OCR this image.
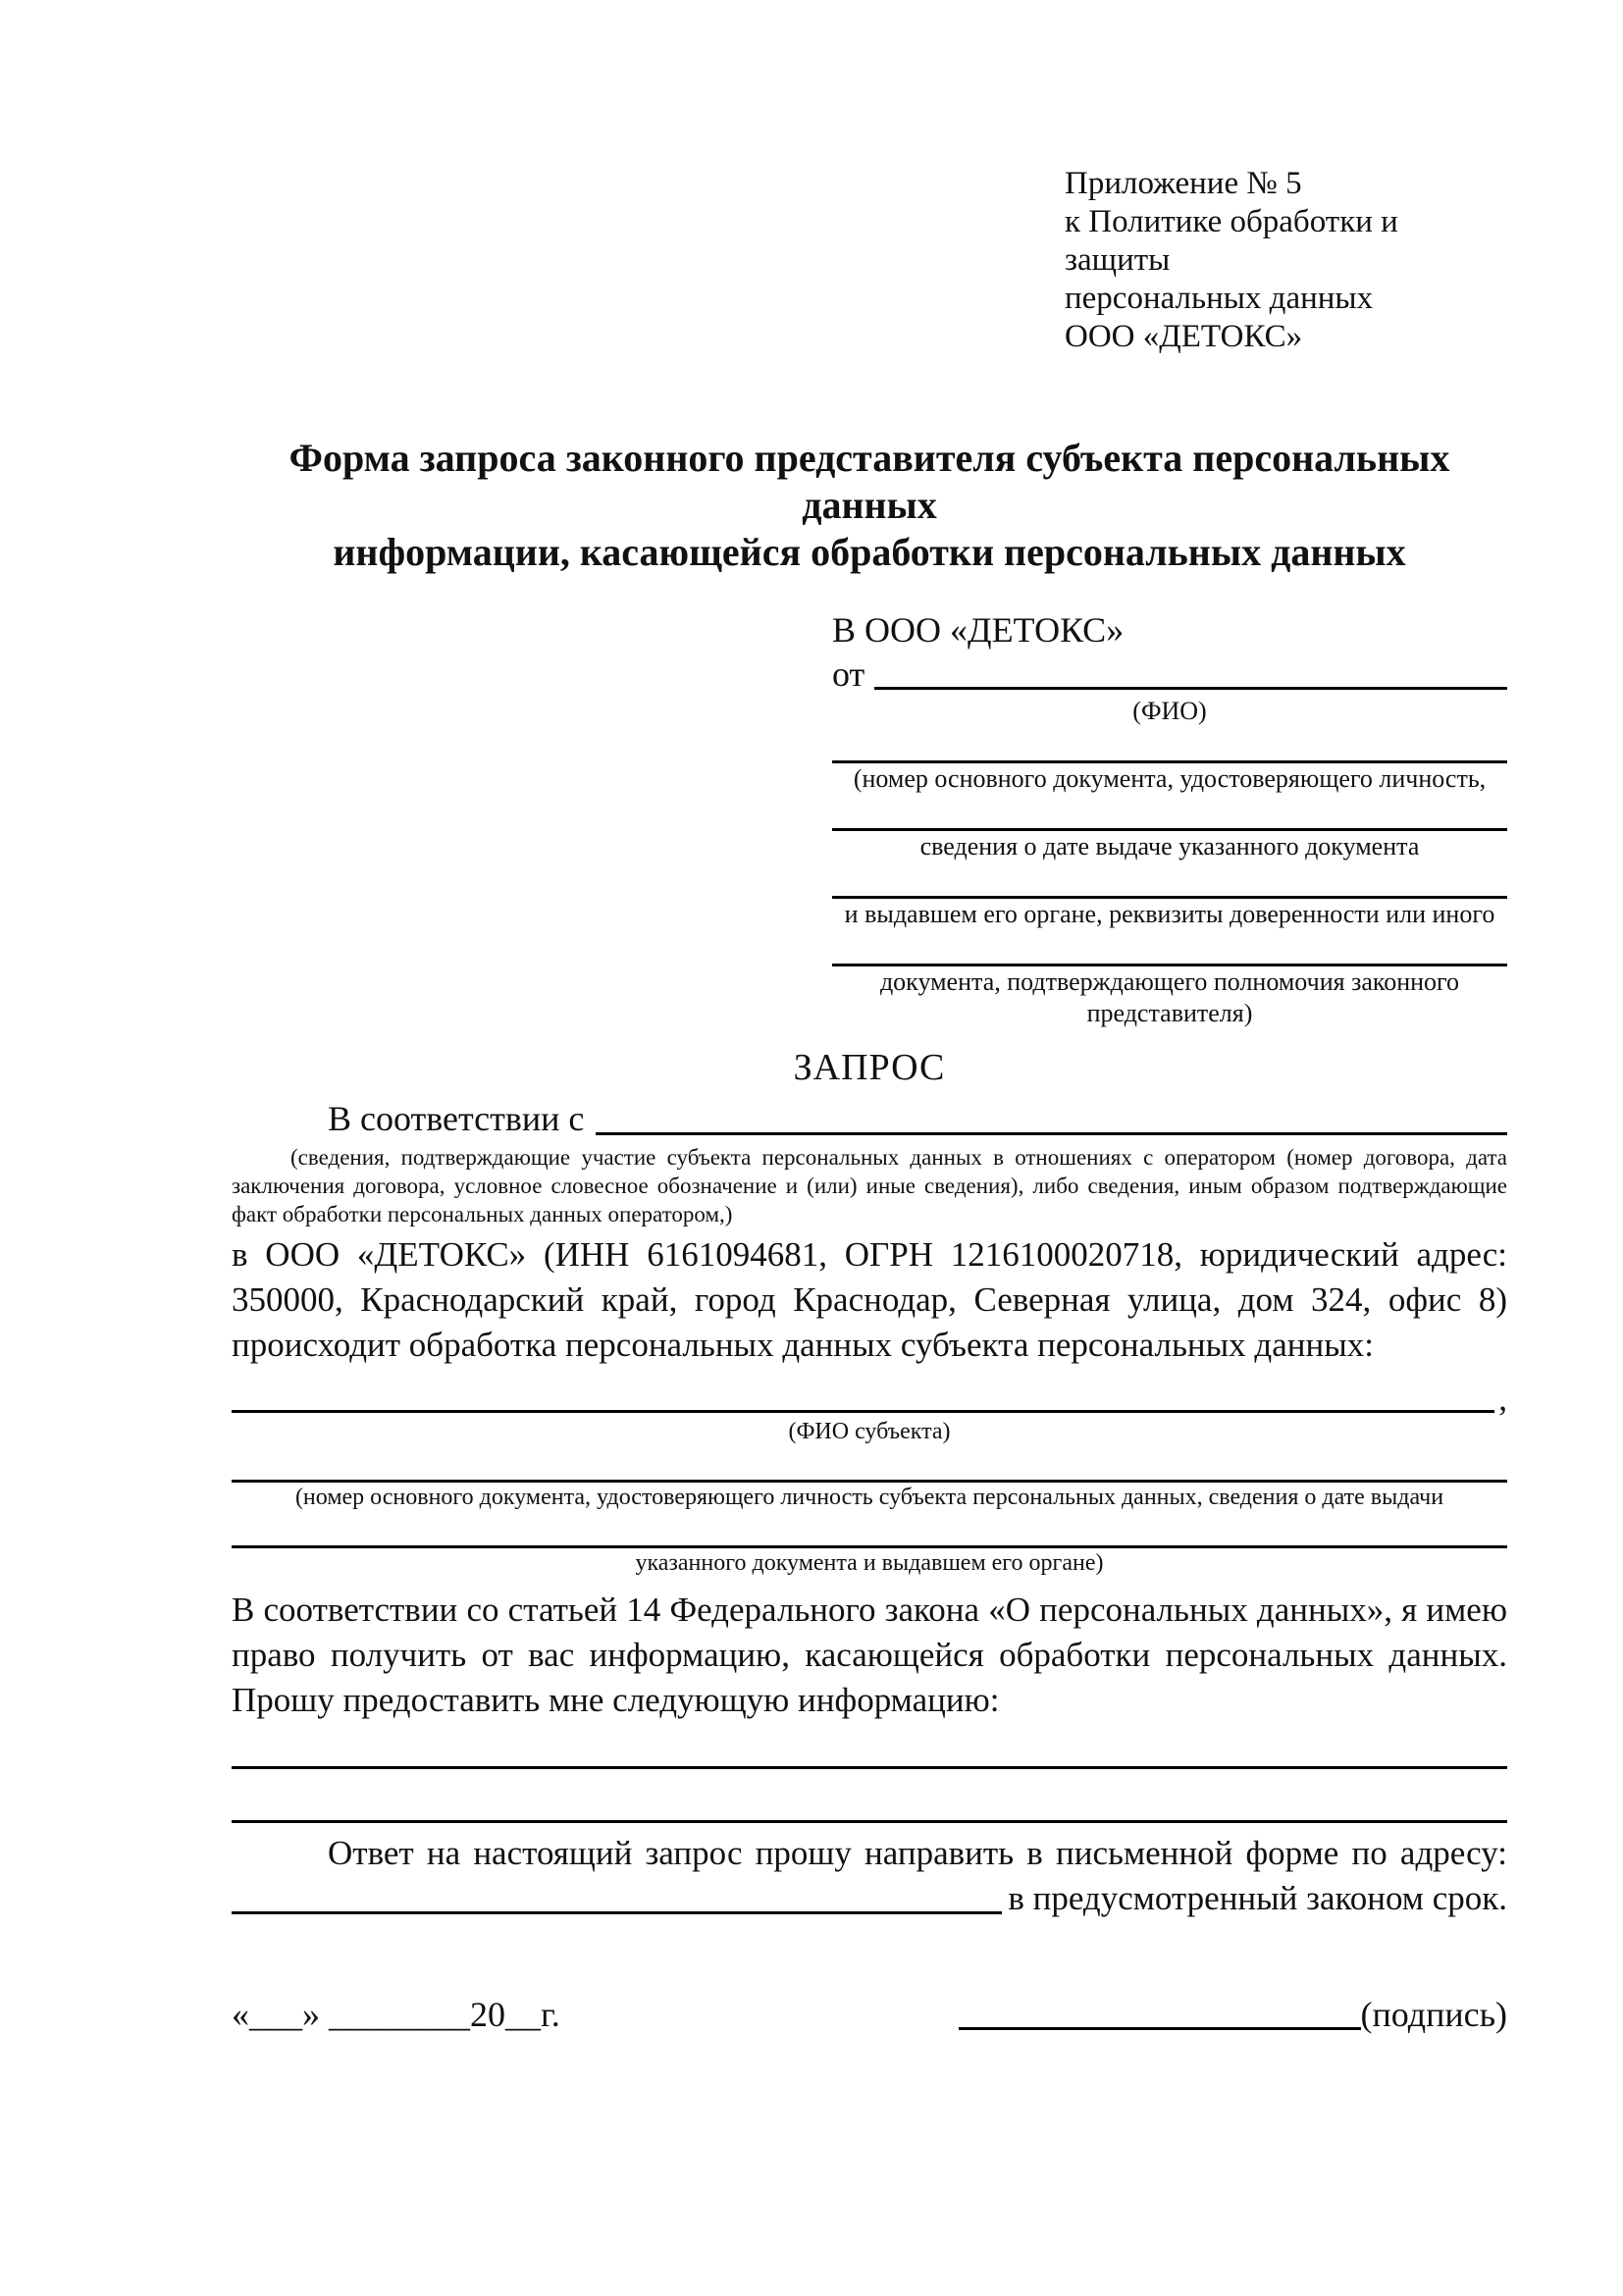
Приложение № 5
к Политике обработки и защиты
персональных данных
ООО «ДЕТОКС»
Форма запроса законного представителя субъекта персональных данных
информации, касающейся обработки персональных данных
В ООО «ДЕТОКС»
от
(ФИО)
(номер основного документа, удостоверяющего личность,
сведения о дате выдаче указанного документа
и выдавшем его органе, реквизиты доверенности или иного
документа, подтверждающего полномочия законного представителя)
ЗАПРОС
В соответствии с
(сведения, подтверждающие участие субъекта персональных данных в отношениях с оператором (номер договора, дата заключения договора, условное словесное обозначение и (или) иные сведения), либо сведения, иным образом подтверждающие факт обработки персональных данных оператором,)
в ООО «ДЕТОКС» (ИНН 6161094681, ОГРН 1216100020718, юридический адрес: 350000, Краснодарский край, город Краснодар, Северная улица, дом 324, офис 8) происходит обработка персональных данных субъекта персональных данных:
,
(ФИО субъекта)
(номер основного документа, удостоверяющего личность субъекта персональных данных, сведения о дате выдачи
указанного документа и выдавшем его органе)
В соответствии со статьей 14 Федерального закона «О персональных данных», я имею право получить от вас информацию, касающейся обработки персональных данных. Прошу предоставить мне следующую информацию:
Ответ на настоящий запрос прошу направить в письменной форме по адресу:
в предусмотренный законом срок.
«___» ________20__г.	(подпись)
